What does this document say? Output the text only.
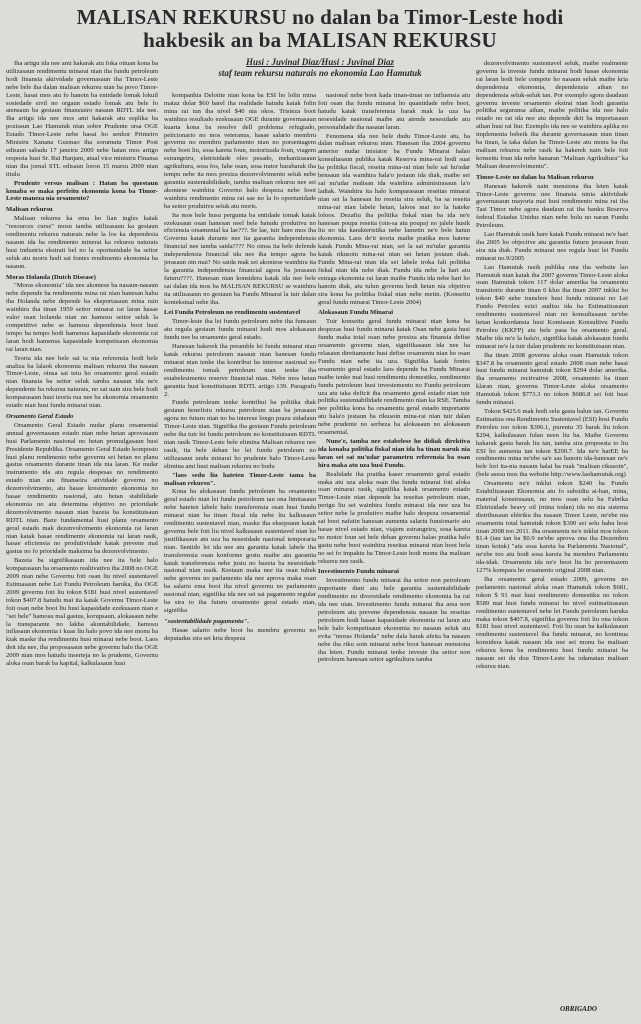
MALISAN REKURSU no dalan ba Timor-Leste hodi
hakbesik an ba MALISAN REKURSU
Husi : Juvinal Diaz/Husi : Juvinal Diaz
staf team rekursu naturais no ekonomia Lao Hamutuk

Iha artigu ida nee ami hakarak atu foka oituan kona ba utilizasaun rendimentu minarai nian iha fundu petroleum hodi finansia aktividade governasaun iha Timor-Leste nebe bele iha dalan malisan rekursu nian ba povo Timor-Leste, hasai mos atu fo hanoin ba entidade lomak lokuil sosiedade sivil no orgaun estado lomak atu bele fo atensaun ba gestaun finansiairo nasaun RDTL ida nee. Iha artigu ida nee mos ami hakarak atu esplika ba pozisaun Lao Hamutuk nian sobre Prudente orsa OGE Estado Timor-Leste nebe hasai ho senhor Primeiro Ministru Xanana Gusmao iha sorumutu Timor Post edisaun sabadu 17 janeiru 2009 nebe hatan mos artigo resposta husi Sr. Rui Hanjam, atual vice ministru Finansa nian iha jornal STL edisaun loron 15 marsu 2009 nian titulu

Prudente versus malisan : Hatan ba questaun konaba se maka perfeitu ekonomia kona ba Timor-Leste maneza nia orsamento?

Malisan rekursu

Malisan rekursu ka ema ho lian ingles katak "resources curse" mosu tamba utilizasaun ka gestaun rendimentu rekursu naturais nebe la los ka dependesia nasaun ida ba rendimento minerai ka rekursu naturais husi industria ekstrati bel no la oportunidade ba seitor seluk atu moris hodi sai fontes rendimento ekonomia ba nasaun.

Moras Holanda (Dutch Disease)

"Moras ekonomia" ida nee akontese ba nasaun-nasaun nebe depende ba rendimentu mina rai nian hanesan hahu iha Holanda nebe depende ba eksportasaun mina rain wainhira iha tinan 1959 seitor minarai rai laran hasae valor osan holanda nian no hamosu seitor seluk la competitive nebe se hamosu dependensia boot husi tempo ba tempo hodi hamenus kapasidade ekonomia rai laran hodi hamenus kapasidade kompetisaun ekonomia rai laran nian.

Teoria ida nee bele sai ta nia referensia hodi bele analiza ba lalaok ekonomia malisan rekursu iha nasaun Timor-Leste, oinsa sai tetu ho orsamento geral estado nian finansia ba seitor seluk tamba nasaun ida ne'e dependente ba rekursu naturais, no sai nain sira bele hodi komparasaun husi teoria rua nee ba ekonomia orsamento estado nian husi fundu minarai nian.

Orsamento Geral Estado

Orsamento Geral Estado nudar planu orsamental annual governasaun estado nian nebe hetan aprovasaun husi Parlamento nasional no hetan promulgasaun husi Presidente Republika. Orsamento Geral Estado komposto husi planu rendimento nebe governu sei hetan no planu gastus orsamento durante tinan ida nia laran. Ke nudar instrumento ida atu regula despesas no rendimento estado nian atu finanseira atividade governu no dezenvolvimento, atu hasae kresimento ekonomia no hasae rendimento nasional, atu hetan stabilidade ekonomia no atu determina objetivo no prioridade dezenvolvimento nasaun nian bazeia ba konstituisaun RDTL nian. Baze fundamental husi planu orsamento geral estado mak dezenvolvimento ekonomia rai laran nian katak hasae rendimento ekonomia rai laran rasik, hasae eficiensia no produtividade katak prevene mal gastus no fo prioridade maksimu ba dezenvolvimento.

Bazeia ba signifikasaun ida nee ita bele halo komparasaun ba orsamento realtivativu iha 2008 no OGE 2009 nian nebe Governu foti osan liu nivel sustentavel Estimasaun nebe Lei Fundu Petroleum haruka, iha OGE 2009 governu foti liu tokon $181 husi nivel sustentavel tokon $407.8 hatudu mai ita katak Governu Timor-Leste foti osan nebe boot liu husi kapasidade ezekusaun nian e "sei bele" hamosu mal gastus, korupsaun, alokasaun nebe la transparante no lakha akuntabilidade, hamosu inflasaun ekonomia i kuas liu halo povo ida nee monu ba kiak maske iha rendimentu husi minarai nebe boot. Laos deit ida nee, iha proposasaun nebe governu halo iha OGE 2009 nian mos hatudu inserteja no la prudente, Governu aloka osan barak ba kapital, kalkulasaun husi

kompanhia Deloitte nian kona ba ESI ho lolin mina mataz dolar $60 barel iha realidade hatudu katak folin mina rai tun iha nivel $40 nia okos. Tristeza boot wainhira resultado ezekusaun OGE durante governasaun kuarta kona ba resolve dell problema refugiado, peticionario no mos veteranus, hasae salario membru governu no membru parlamento nian no porsentagem nebe boot liu, sosa kareta foun, motorizada foun, viagem estrangeiru, eletrisidade oleo pesado, mekanizasaun agrikultura, sosa fos, fahe osan, sosa trator barabarak iha tempu nebe ita mos presiza dezenvolvimento seluk nebe garantia sustentabilidade, tamba malisan rekursu nee sei akontese wainhira Governo halo despeza nebe boot wainhira rendimento mina rai sae no la fo oportunidade ba seitor produtivu seluk atu moris.

Ita mos bele husu pergunta ba entidade tomak katak ezekusaun osan hanesan neel bele hatudu produtivu no eficiensia orsamental ka lae???. Se lae, tuir hare mos iha Governu katak durante nee ita garantia independensia financial nee tamba saida???? No oinsa ita bele defende independensia financial ida nee iha tempo agora ba jerasaun oin mai? No saida mak sei akontese wainhira ita la garantia independensia financial agora ba jerasaun futuru????. Hanesan nian konsidera katak ida nee bele sai dalan ida mos ba MALISAN REKURSU se wainhira ita utilizasaun no gestaun ba Fundu Minarai la tuir dalan kontekstual nebe iha.

Lei Fundu Petroleum no rendimentu sustentavel

Timor-leste iha lei fundu petroleum nebe iha funsaun atu regula gestaun fundu minarai hodi mos alokasaun fundu nee ba orsamento geral estado.

Hanesan hakerek iha preamble lei fundu minarai nian katak rekursu petroleum nasaun nian hanesan fundu minarai nian tenke iha kontribui ba interese nasional no rendimentu tomak petroleum nian tenke iha estabelesimento reserve financial nian. Nebe mos hetan garantia husi konstituisaun RDTL artigo 139. Paragrafu 2.

Fundu petroleum tenke kontribui ba politika diak gestaun benefisiu rekursu petroleum nian ba jerasaun agora no futuru nian no ba interese longo prazu sidadaun Timor-Leste nian. Signifika iha gestaun Fundu petroleum nebe iha tuir lei fundu petroleum no konstituisaun RDTL nian rasik Timor-Leste bele elimina Malisan rekursu nee rasik, ita bele dehan ho lei fundu petroleum no utilizasaun undu minarai ho prudente halo Timor-Leste elimina ami husi malisan rekursu no bodu

"laos sedu liu hateten Timor-Leste tama ba malisan rekursu".

Kona ba alokasaun fundu petroleum ba orsamento geral estado nian lei fundu petroleum tau ona limitasaun nebe hateten labele halo transferensia osan husi fundu minarai nian ba tinan fiscal ida nebe liu kalkusaun rendimentu sustentavel nian, maske iha eksepsaun katak governu bele foti liu nivel kalkusaun sustentavel nian ho justifikasaun atu uza ba nesesidade nasional temporaria nian. Sentido lei ida nee atu garantia katak labele iha transferensia osan konforme gostu maibe atu garantia katak transferensia nebe justu no bazeia ba nesesidade nasional nian rasik. Kestaun maka nee ita osan tubuk nebe governu no parlamento ida nee aprova maka osan ba salario ema boot iha nivel governu no parlamento nasional nian, signifika ida nee sei sai pagamento regular ba sira to iha futuru orsamento geral estado nian, signifika

"sustentabilidade pagamentu".

Hasae salario nebe boot ba membru governu no deputadus sira sei kria despeza

nasional nebe boot kada tinan-tinan no influensia atu foti osan iha fundu minarai ho quantidade nebe boot, hatudu katak transferensia barak mak la uza ba nesesidade nasional maibe atu atende nesesidade atu personalidade iha nasaun laran.

Fenomena ida nee bele dudu Timor-Leste atu, ba dalan malisan rekursu nian. Hanesan iha 2004 governu anterior nudar inisiator ba Fundu Minarai halao konsultasaun publika katak Reserva mina-rai hodi suai ba politika fiscal, reseita mina-rai nian bele sai hu'udar bensaun ida wainhira hala'o jestaun ida diak, maibe sei sai nu'udar malisan ida wainhira administrasaun la'o ladiak. Wainhira ita halo komparasaun reseitas minarai nian sei la hanesan ho reseita sira seluk, ba sa reseita mina-rai nian labele hetan, laloos mai no la hateke loloos. Dezafiu iha politika fiskal nian ba ida ne'e hanesan poupa reseita (oin-sa atu poupa) no jalele husik liu no ida karakteristika nebe lametin ne'e bele hatun ekonomia. Laos de'it teoria maibe pratika mos hatene katak Fundu Mina-rai nian, sei la sai nu'udar garantia katak rikusoin mina-rai nian sei hetan jestaun diak. Fundu Mina-rai nian ida sei labele troka fali politika fiskal nian ida nebe diak. Fundu ida nebe la hari atu estraga ekonomia rai laran maibe Fundu ida nebe hari ho hanoin diak, atu tulun governu hodi hetan nia objetivu sira kona ba politika fiskal nian nebe metin. (Konseitu geral fundu minarai Timor-Leste 2004)

Alokasaun Fundu Minarai

Tuir konseitu geral fundu minarai nian kona ba despezas husi fundu minarai katak Osan nebe gasta husi fundu maka total osan nebe presiza atu finansia defise orsamento governu nian, signifikasaun ida nee ha relasaun direitamente husi defise orsamentu nian ho osan Fundu nian nebe ita uza. Signifika katak fontes orsamento geral estado laos depende ba Fundu Minarai maibe tenke mai husi rendimentu domestiku, rendimento fundu petroleum husi investementu no Fundu petroleum uza atu taka deficit iha orsamento geral estado nian tuir politika sustentabilidade rendimento nian ka RSE. Tamba nee politika kona ba orsamentu geral estado importante atu hala'o jestaun ba rikusoin mina-rai nian tuir dalan nebe prudente no serbeza ba alokasaun no alokasaun orsamental.

Nune'e, tamba nee estabelese ho didiak direktiva ida konaba politika fiskal nian ida ba tinan naruk nia laran sei sai nu'udar parametru referensia ba osan hira maka atu uza husi Fundu.

Realidade iha pratika kaser orsamento geral estado maka atu uza aloka osan iha fundu minarai foti aloka osan minarai rasik, signifika katak orsamento estado Timor-Leste nian depende ba reseitas petroleum nian, perigu liu sei wainhira fundu minarai ida nee uza ba seitor nebe la produtivo maibe halo despeza orsamental sai boot nafatin hanesan aumenta salariu funsionario atu hasae nivel estado nian, viajem estrangeiru, sosa kareta no motor foun sei bele dehan governu halao pratika halo gastu nebe boot wainhira reseitas minarai nian boot hela no sei fo impaktu ba Timor-Leste hodi monu iha malisan rekursu nee rasik.

Investimento Fundu minarai

Investimento fundu minarai iha seitor non petroleum importante duni atu bele garantia sustentabilidade rendimento no diversidade rendimento ekonomia ba rai ida nee nian. Investimento fundu minarai iha area non petroleum atu prevene dependensia nasaun ba reseitas petroleum hodi hasae kapasidade ekonomia rai laran atu bele halo kompetisaun ekonomia no nasaun seluk atu evita "moras Holanda" nebe dala barak afeita ba nasaun nebe iha riku soin minarai nebe boot hanesan mensiona iha leten. Fundu minarai tenke investe iha seitor non petroleum hanesan seitor agrikultura tamba

dezenvolvimento sustentavel seluk, maibe realmente governu la investe fundu minarai hodi hasae ekonomia rai laran hodi bele compete ho nasaun seluk maibe kria dependensia ekonomia, dependensia aihan no dependensia seluk-seluk tan. Por exemplo sgora daudaun governu investe orsamento ekstrai nian hodi garantia politika seguransa aihan, maibe politika ida nee halo estado no rai ida nee atu depende deit ba importasaun aihan husi rai liur. Ezemplo ida nee se wainhira aplika no implementa bebeik iha durante governasaun nian tinan ba tinan, la taka dalan ba Timor-Leste atu monu ba iha malisan rekursu nebe rasik ka hakerek nain bele foti konseitu foun ida nebe hanaran "Malisan Agrikultura" ka Malisan desenvolvimentu".

Timor-Leste no dalan ba Malisan rekursu

Hanesan hakerek nain mensiona iha leten katak Timor-Leste governu nee finansia ninia aktividade governasaun mayoria mai husi rendimento mina rai iha Tasi Timor nebe agora daudaun rai iha banku Reserva federal Estadus Unidus nian nebe bolu no naran Fundu Petroleum.

Lao Hamutuk rasik hare katak Fundu minarai ne'e hari iha 2005 ho objective atu garantia futuru jerasaun foun sira nia diak. Fundu minarai nee regula husi lei Fundu minarai no.9/2005

Lao Hamutuk rasik publika ona iha website lao Hamutuk nian katak iha 2007 governu Timor-Leste aloka osan Hamutuk tokon 117 dolar amerika ba orsamentu transitorio durante tinan 6 klus iha tinan 2007 inklui ho tokon $40 nebe transfere husi fundu minarai no Lei Fundo Petroleu ezizi audisu ida ba Estimatizasaun rendimentu sustentavel nian no konsultasaun ne'ebe hetan konkordansia husi Komisaun Konsultivu Fundu Petroleu (KKFP) atu bele pasa ba orsamento geral. Maibe ida ne'e la hala'o, signifika katak alokasaun fundu minarai ne'e la tuir dalan prudente no konstituisaun nian.

Iha tinan 2008 governu aloka osan Hamutuk tokon $347.8 ba orsamento geral estado 2008 osan nebe hasai husi fundu minarai hamutuk tokon $294 dolar amerika. Iha orsamento rectivative 2008, orsamento ba tinan klaran nian, governu Timor-Leste aloka orsamento Hamutuk tokon $773.3 no tokon $686.8 sei foti husi fundu minarai.

Tokon $425.6 mak hodi selu gasta balun tan. Governu Estimatiza ona Rendimentu Sustentavel (ESI) hosi Fundu Petroleu too tokon $396.1, purentu 35 barak liu tokon $294, kalkulasaun fulan neen liu ba. Maibe Governu hakarak gasta barak liu tan, tamba sira propoesta to liu ESI ho aumenta tan tokon $290.7. Ida ne'e harEE ba rendimentu mina ne'ebe sa'e sas hanoin ida-hanesan ne'e bele lori ita-nia nasaun halai ba ruak "malisan rikusoin", (bele asesu mos iha website http://www.laohamutuk.org)

Orsamentu ne'e inklui tokon $240 ba Fundu Estabilizasaun Ekonomia atu fo subsidiu ai-han, mina, material konstrusaun, no mos osan selu ba Fabrika Eletrisidade heavy oil (mina todan) ida no nia sistema distribusaun elétriku iha nasaun Timor Leste, ne'ebe nia orsamentu total hamutuk tokon $390 sei selu hahu hosi tinan 2008 too 2011. Iha orsamentu ne'e inklui mos tokon $1.4 (tau tan ba $0.9 ne'ebe aprova ona iha Dezembru tinan kotuk) "atu sosa kareta ba Parlamentu Nasional", ne'ebe too atu hodi sosa kareta ba membru Parlamentu ida-idak. Orsamentu ida ne'e boot liu ho porsentazem 127% kompara ho orsamento original 2008 nian.

Iha orsamentu geral estado 2009, governu no parlamento nasional aloka osan Hamutuk tokon $681, tokon $ 91 mai husi rendimento domestiku no tokon $589 mai husi fundu minarai ho nivel estimatizasaun rendimento sustentavel nebe lei Fundu petroleum haruka maka tokon $407.8, signifika governu foti liu ona tokon $181 husi nivel sustentavel. Foti liu osan ba kalkulasaun rendimentu sustentavel iha fundu minarai, no kontinua konsidera katak nasaun ida nee sei monu ba malisan rekursu kona ba rendimentu husi fundu minarai ba nasaun sei du dou Timor-Leste ba odamatan malisan rekursu nian.

OBRIGADO
